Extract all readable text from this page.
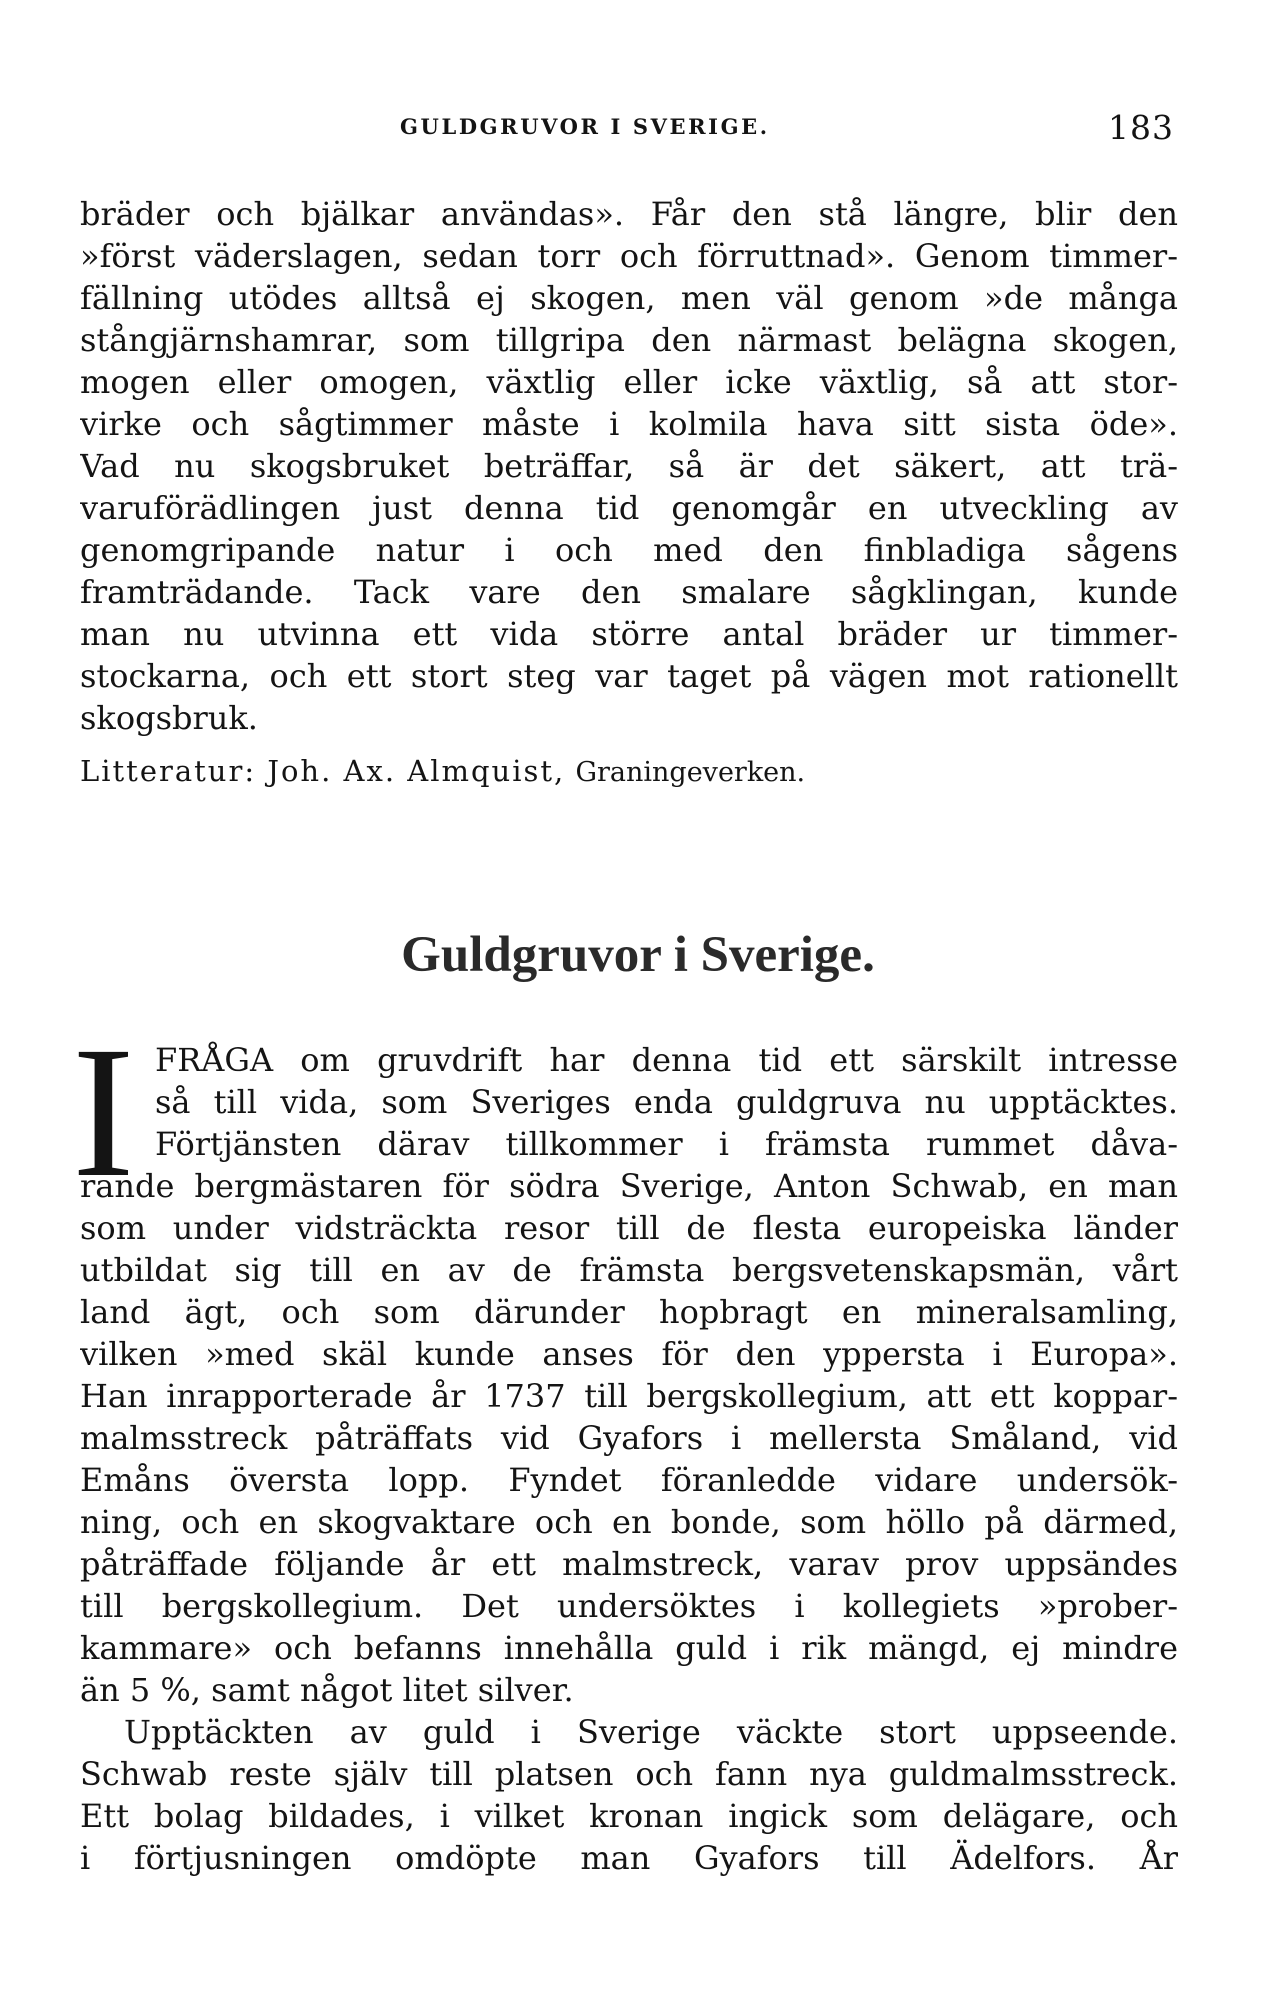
GULDGRUVOR I SVERIGE.	183
bräder och bjälkar användas». Får den stå längre, blir den
»först väderslagen, sedan torr och förruttnad». Genom timmer-
fällning utödes alltså ej skogen, men väl genom »de många
stångjärnshamrar, som tillgripa den närmast belägna skogen,
mogen eller omogen, växtlig eller icke växtlig, så att stor-
virke och sågtimmer måste i kolmila hava sitt sista öde».
Vad nu skogsbruket beträffar, så är det säkert, att trä-
varuförädlingen just denna tid genomgår en utveckling av
genomgripande natur i och med den finbladiga sågens
framträdande. Tack vare den smalare sågklingan, kunde
man nu utvinna ett vida större antal bräder ur timmer-
stockarna, och ett stort steg var taget på vägen mot rationellt
skogsbruk.
Litteratur: Joh. Ax. Almquist, Graningeverken.
Guldgruvor i Sverige.
I FRÅGA om gruvdrift har denna tid ett särskilt intresse
så till vida, som Sveriges enda guldgruva nu upptäcktes.
Förtjänsten därav tillkommer i främsta rummet dåva-
rande bergmästaren för södra Sverige, Anton Schwab, en man
som under vidsträckta resor till de flesta europeiska länder
utbildat sig till en av de främsta bergsvetenskapsmän, vårt
land ägt, och som därunder hopbragt en mineralsamling,
vilken »med skäl kunde anses för den yppersta i Europa».
Han inrapporterade år 1737 till bergskollegium, att ett koppar-
malmsstreck påträffats vid Gyafors i mellersta Småland, vid
Emåns översta lopp. Fyndet föranledde vidare undersök-
ning, och en skogvaktare och en bonde, som höllo på därmed,
påträffade följande år ett malmstreck, varav prov uppsändes
till bergskollegium. Det undersöktes i kollegiets »prober-
kammare» och befanns innehålla guld i rik mängd, ej mindre
än 5 %, samt något litet silver.
Upptäckten av guld i Sverige väckte stort uppseende.
Schwab reste själv till platsen och fann nya guldmalmsstreck.
Ett bolag bildades, i vilket kronan ingick som delägare, och
i förtjusningen omdöpte man Gyafors till Ädelfors. År
